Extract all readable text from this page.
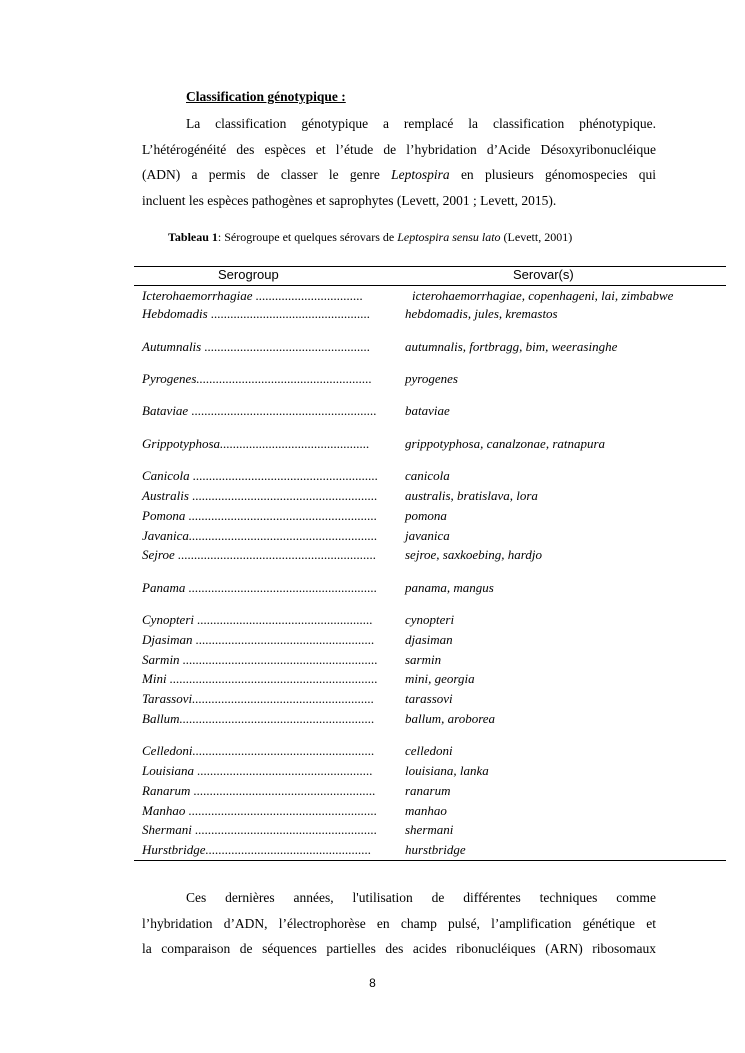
Classification génotypique :
La classification génotypique a remplacé la classification phénotypique.
L’hétérogénéité des espèces et l’étude de l’hybridation d’Acide Désoxyribonucléique
(ADN) a permis de classer le genre Leptospira en plusieurs génomospecies qui
incluent les espèces pathogènes et saprophytes (Levett, 2001 ; Levett, 2015).
Tableau 1: Sérogroupe et quelques sérovars de Leptospira sensu lato (Levett, 2001)
Serogroup	Serovar(s)
Icterohaemorrhagiae .................................	icterohaemorrhagiae, copenhageni, lai, zimbabwe
Hebdomadis .................................................	hebdomadis, jules, kremastos
Autumnalis ...................................................	autumnalis, fortbragg, bim, weerasinghe
Pyrogenes......................................................	pyrogenes
Bataviae ......................................................... bataviae
Grippotyphosa..............................................	grippotyphosa, canalzonae, ratnapura
Canicola ......................................................... canicola
Australis ......................................................... australis, bratislava, lora
Pomona .......................................................... pomona
Javanica.......................................................... javanica
Sejroe ............................................................. sejroe, saxkoebing, hardjo
Panama .......................................................... panama, mangus
Cynopteri ...................................................... cynopteri
Djasiman ....................................................... djasiman
Sarmin ............................................................ sarmin
Mini ................................................................ mini, georgia
Tarassovi........................................................ tarassovi
Ballum............................................................ ballum, aroborea
Celledoni........................................................ celledoni
Louisiana ...................................................... louisiana, lanka
Ranarum ........................................................ ranarum
Manhao .......................................................... manhao
Shermani ........................................................ shermani
Hurstbridge...................................................	hurstbridge
Ces dernières années, l'utilisation de différentes techniques comme
l’hybridation d’ADN, l’électrophorèse en champ pulsé, l’amplification génétique et
la comparaison de séquences partielles des acides ribonucléiques (ARN) ribosomaux
8
